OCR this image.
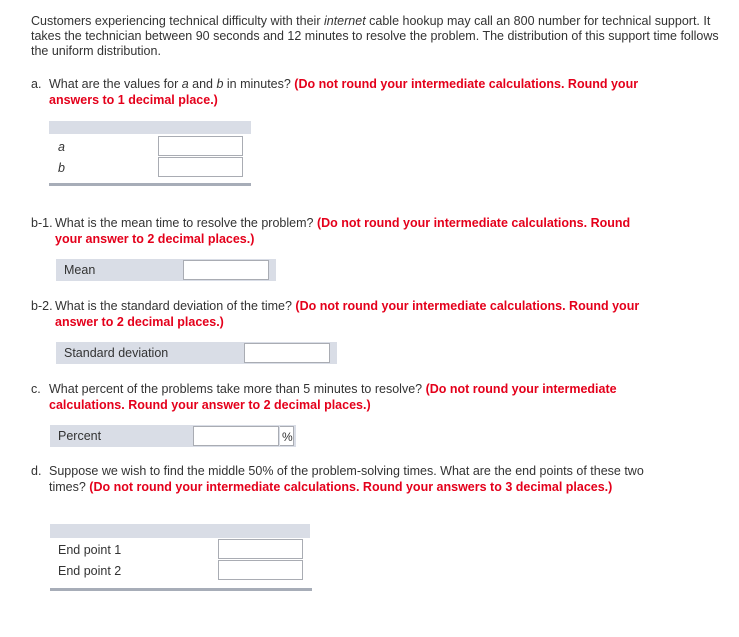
Customers experiencing technical difficulty with their internet cable hookup may call an 800 number for technical support. It takes the technician between 90 seconds and 12 minutes to resolve the problem. The distribution of this support time follows the uniform distribution.
a. What are the values for a and b in minutes? (Do not round your intermediate calculations. Round your answers to 1 decimal place.)
a
b
b-1. What is the mean time to resolve the problem? (Do not round your intermediate calculations. Round your answer to 2 decimal places.)
Mean
b-2. What is the standard deviation of the time? (Do not round your intermediate calculations. Round your answer to 2 decimal places.)
Standard deviation
c. What percent of the problems take more than 5 minutes to resolve? (Do not round your intermediate calculations. Round your answer to 2 decimal places.)
Percent	%
d. Suppose we wish to find the middle 50% of the problem-solving times. What are the end points of these two times? (Do not round your intermediate calculations. Round your answers to 3 decimal places.)
End point 1
End point 2
